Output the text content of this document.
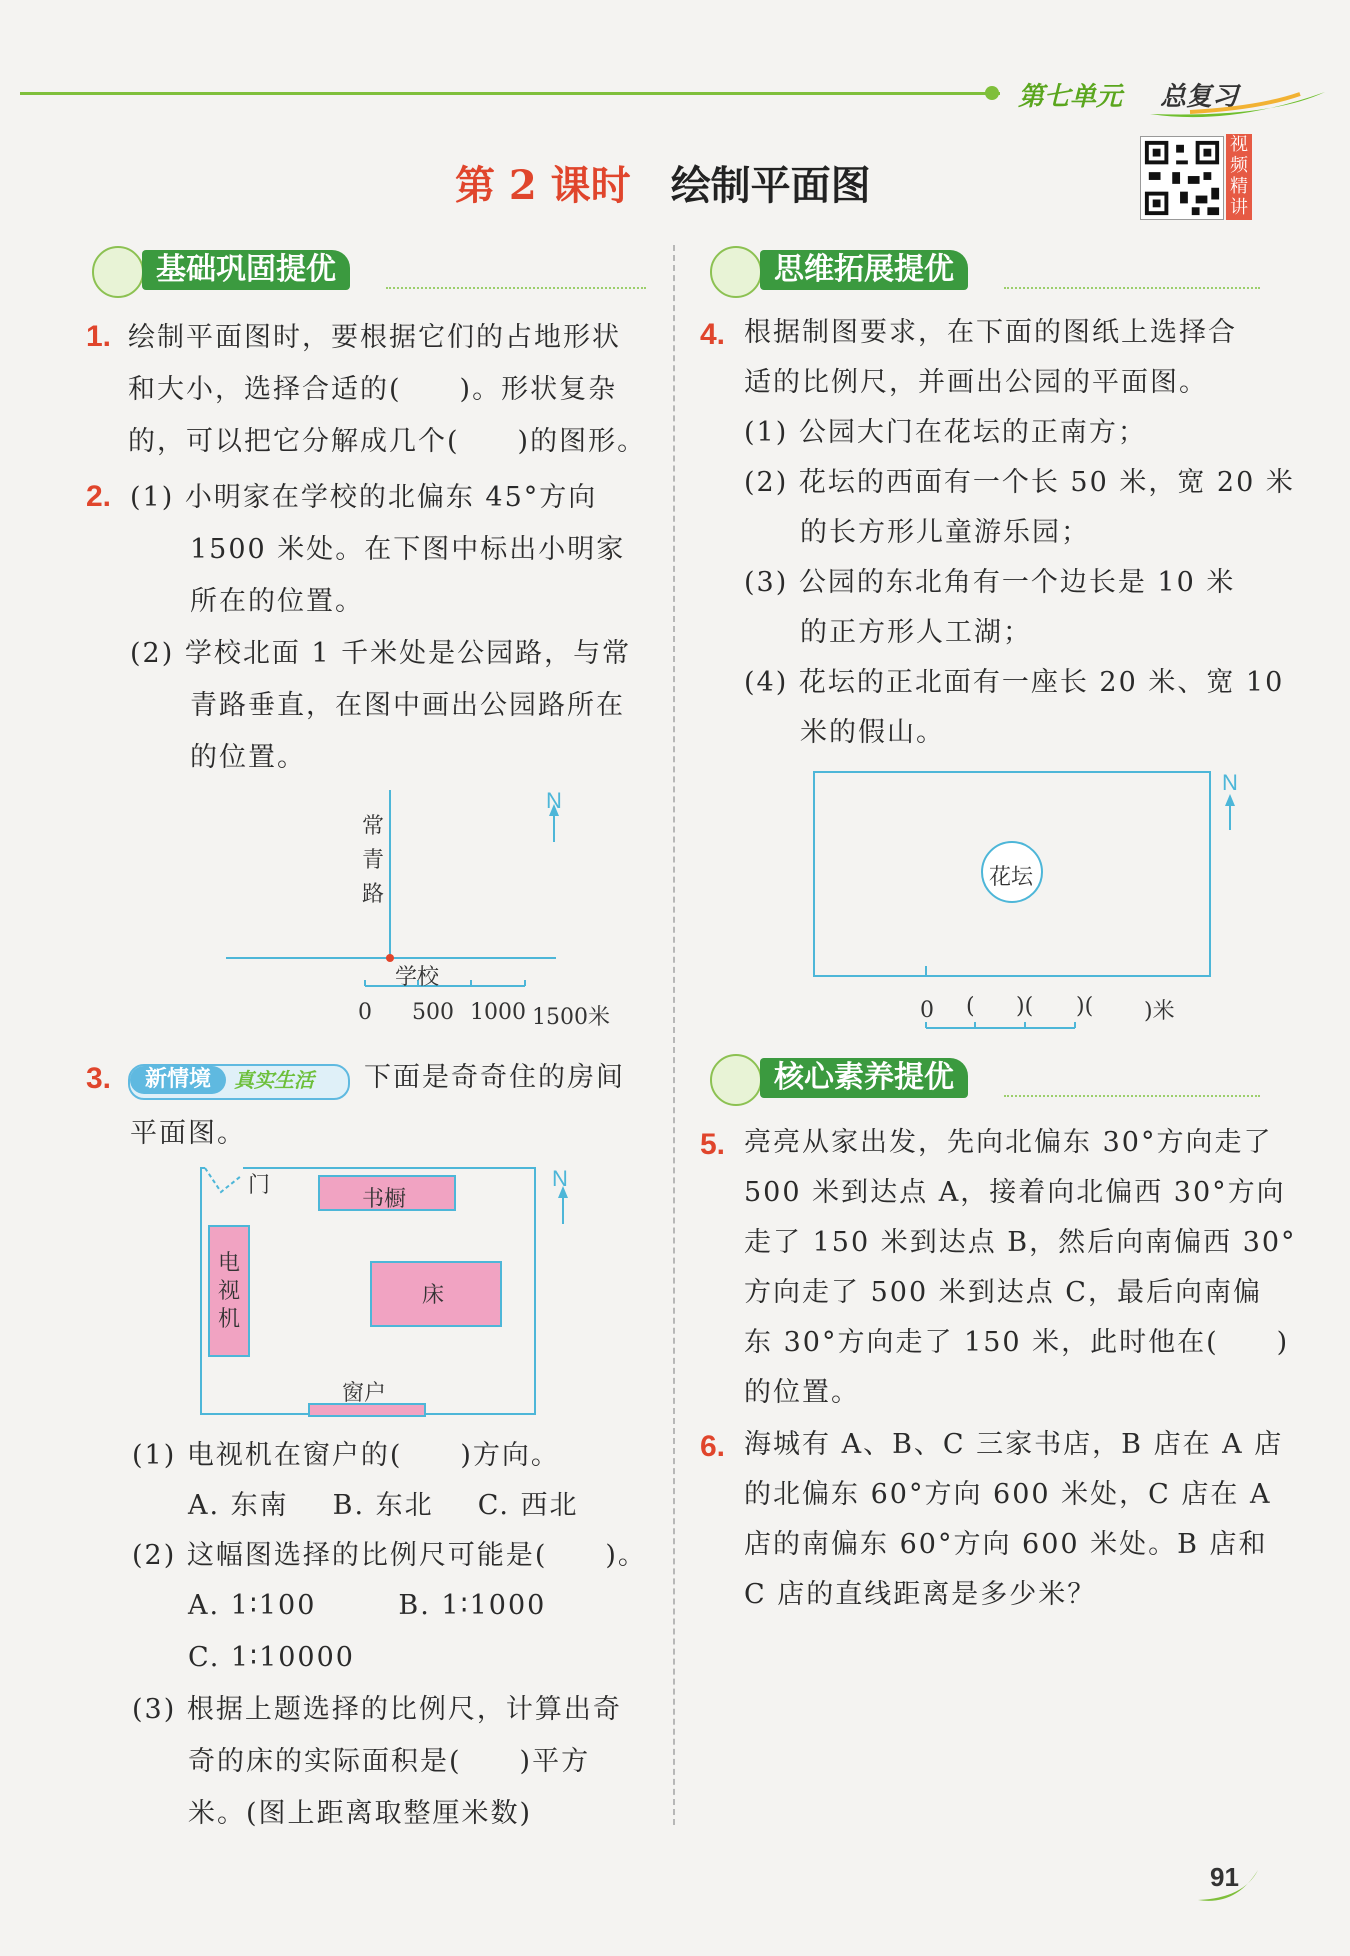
第七单元 总复习
第 2 课时 绘制平面图
视频精讲
基础巩固提优	思维拓展提优
1. 绘制平面图时，要根据它们的占地形状
和大小，选择合适的(　　)。形状复杂
的，可以把它分解成几个(　　)的图形。
2. (1) 小明家在学校的北偏东 45°方向
1500 米处。在下图中标出小明家
所在的位置。
(2) 学校北面 1 千米处是公园路，与常
青路垂直，在图中画出公园路所在
的位置。
常
青
路
N
学校
0 500 1000 1500米
3.	新情境	真实生活 下面是奇奇住的房间
平面图。
门
书橱
电
视
机
床
窗户
N
(1) 电视机在窗户的(　　)方向。
A. 东南 B. 东北 C. 西北
(2) 这幅图选择的比例尺可能是(　　)。
A. 1∶100	B. 1∶1000
C. 1∶10000
(3) 根据上题选择的比例尺，计算出奇
奇的床的实际面积是(　　)平方
米。(图上距离取整厘米数)
4. 根据制图要求，在下面的图纸上选择合
适的比例尺，并画出公园的平面图。
(1) 公园大门在花坛的正南方；
(2) 花坛的西面有一个长 50 米，宽 20 米
的长方形儿童游乐园；
(3) 公园的东北角有一个边长是 10 米
的正方形人工湖；
(4) 花坛的正北面有一座长 20 米、宽 10
米的假山。
花坛
N
0 ( )( )( )米
核心素养提优
5. 亮亮从家出发，先向北偏东 30°方向走了
500 米到达点 A，接着向北偏西 30°方向
走了 150 米到达点 B，然后向南偏西 30°
方向走了 500 米到达点 C，最后向南偏
东 30°方向走了 150 米，此时他在(　　)
的位置。
6. 海城有 A、B、C 三家书店，B 店在 A 店
的北偏东 60°方向 600 米处，C 店在 A
店的南偏东 60°方向 600 米处。B 店和
C 店的直线距离是多少米？
91
